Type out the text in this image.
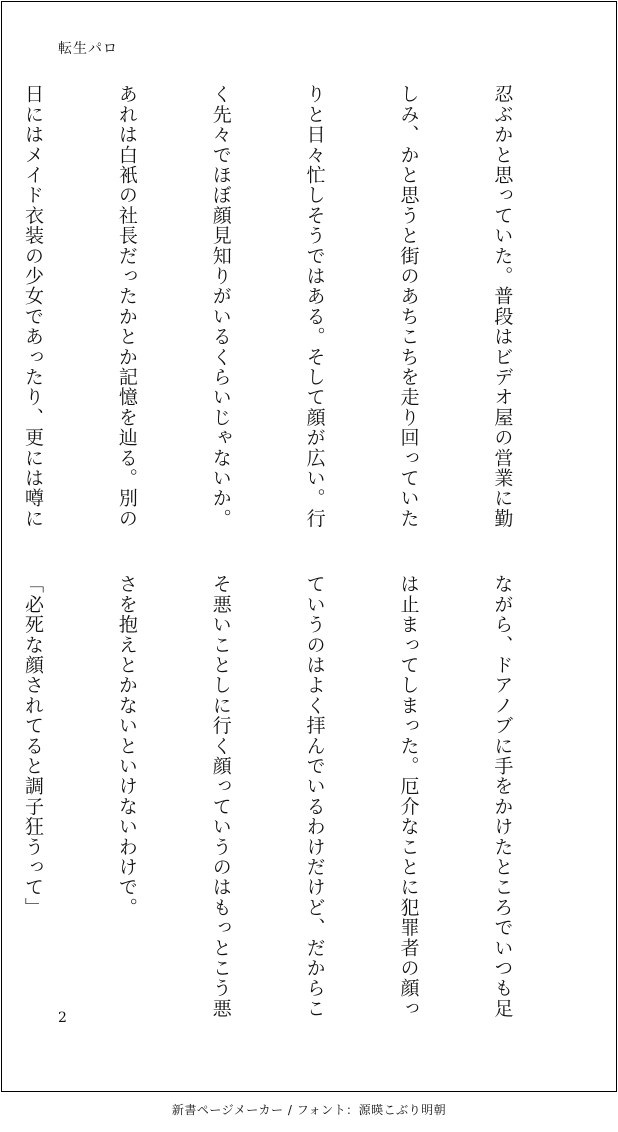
転生パロ

忍ぶかと思っていた。普段はビデオ屋の営業に勤

しみ、かと思うと街のあちこちを走り回っていた

りと日々忙しそうではある。そして顔が広い。行

く先々でほぼ顔見知りがいるくらいじゃないか。

あれは白衹の社長だったかとか記憶を辿る。別の

日にはメイド衣装の少女であったり、更には噂に

ながら、ドアノブに手をかけたところでいつも足

は止まってしまった。厄介なことに犯罪者の顔っ

ていうのはよく拝んでいるわけだけど、だからこ

そ悪いことしに行く顔っていうのはもっとこう悪

さを抱えとかないといけないわけで。

「必死な顔されてると調子狂うって」

2
新書ページメーカー / フォント：源暎こぶり明朝
